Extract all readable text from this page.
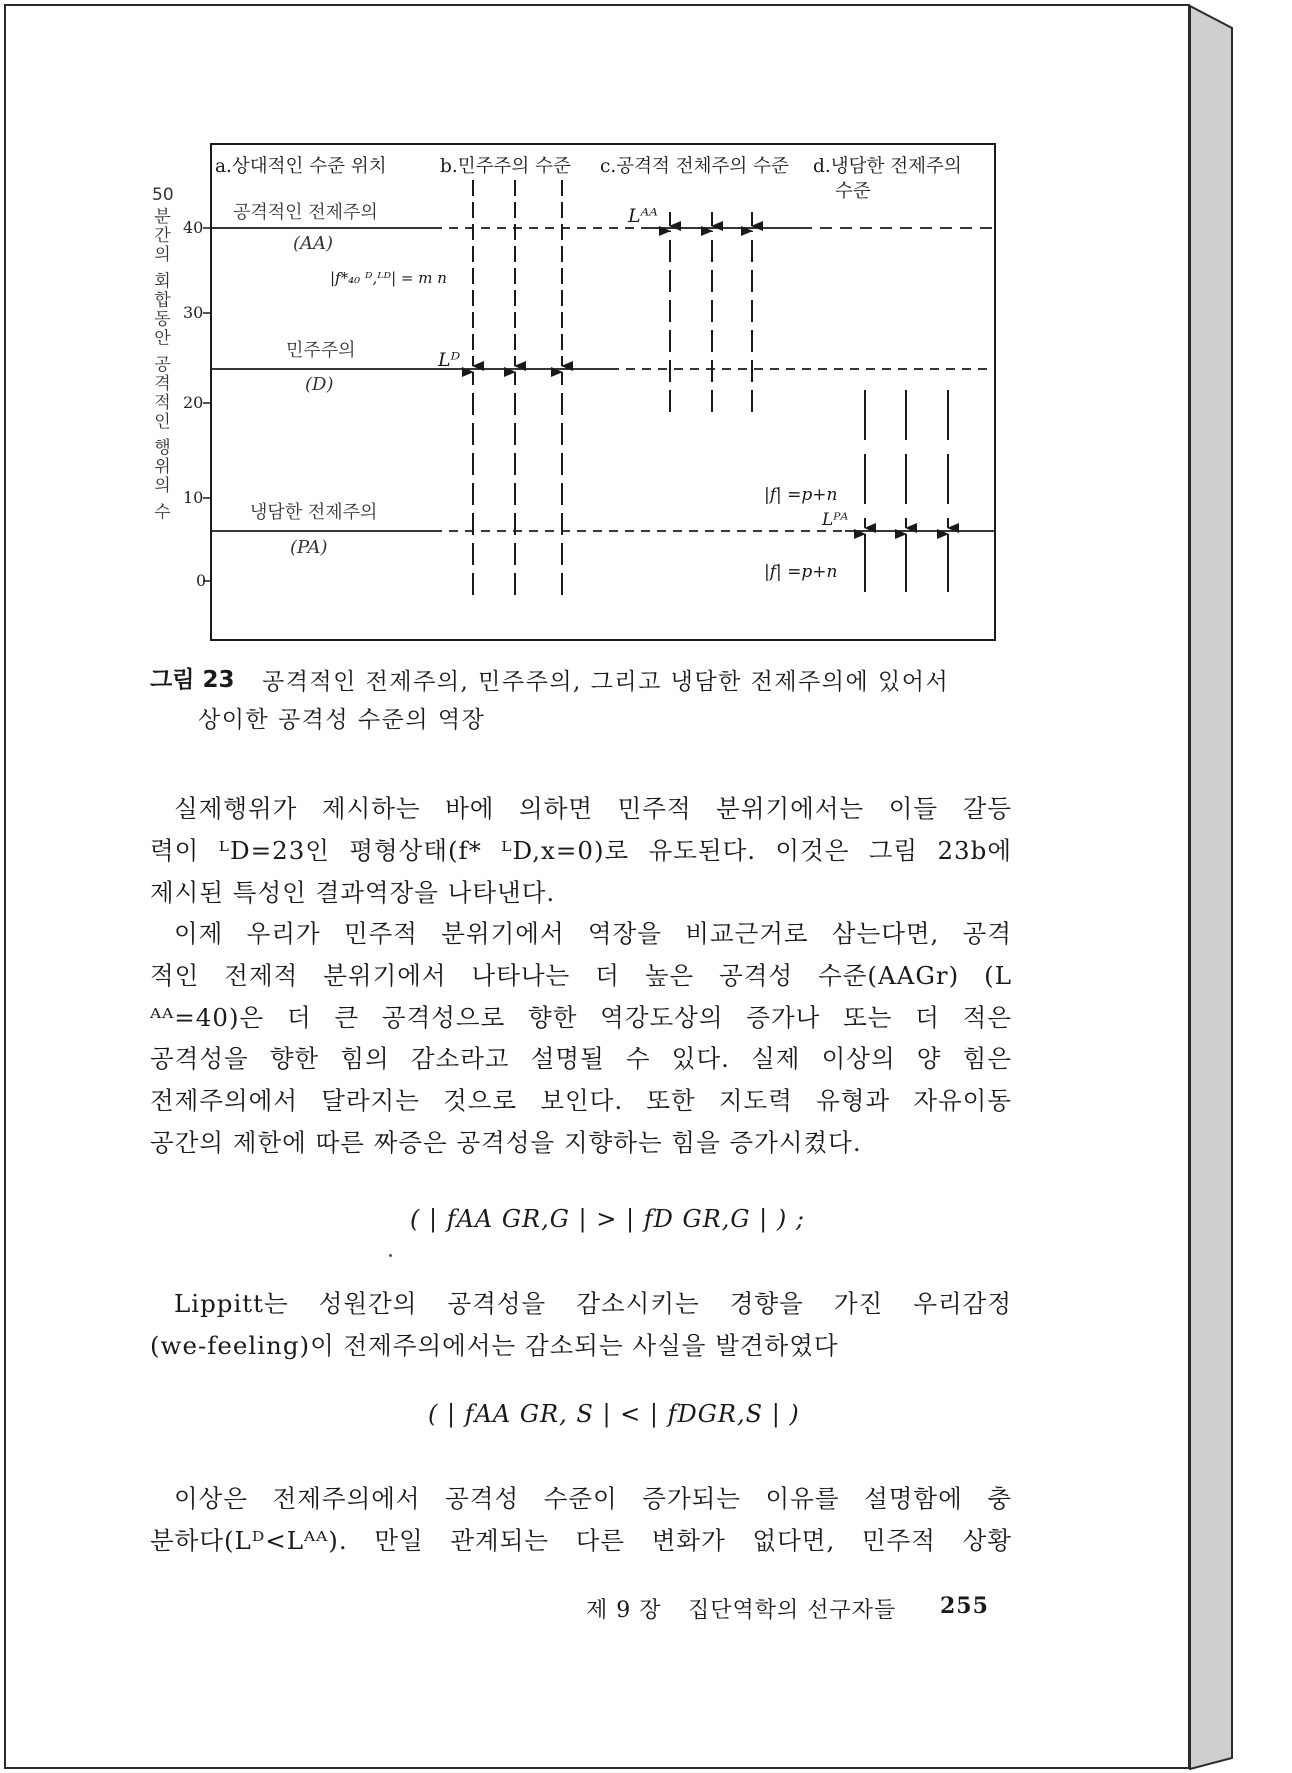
50
분간의 회합동안 공격적인 행위의 수 40
30
20
10
0
a.상대적인 수준 위치	b.민주주의 수준 c.공격적 전체주의 수준 d.냉담한 전제주의
수준
공격적인 전제주의
민주주의
냉담한 전제주의
(AA)
(D)
(PA)
|f*₄₀ ᴰ,ᴸᴰ| = m n
Lᴰ
Lᴬᴬ
Lᴾᴬ
|f| =p+n
|f| =p+n
그림 23 공격적인 전제주의, 민주주의, 그리고 냉담한 전제주의에 있어서
상이한 공격성 수준의 역장
실제행위가 제시하는 바에 의하면 민주적 분위기에서는 이들 갈등
력이 ᴸD=23인 평형상태(f* ᴸD,x=0)로 유도된다. 이것은 그림 23b에
제시된 특성인 결과역장을 나타낸다.
이제 우리가 민주적 분위기에서 역장을 비교근거로 삼는다면, 공격
적인 전제적 분위기에서 나타나는 더 높은 공격성 수준(AAGr) (L
ᴬᴬ=40)은 더 큰 공격성으로 향한 역강도상의 증가나 또는 더 적은
공격성을 향한 힘의 감소라고 설명될 수 있다. 실제 이상의 양 힘은
전제주의에서 달라지는 것으로 보인다. 또한 지도력 유형과 자유이동
공간의 제한에 따른 짜증은 공격성을 지향하는 힘을 증가시켰다.
( | fAA GR,G | > | fD GR,G | ) ;
Lippitt는 성원간의 공격성을 감소시키는 경향을 가진 우리감정
(we-feeling)이 전제주의에서는 감소되는 사실을 발견하였다
( | fAA GR, S | < | fDGR,S | )
이상은 전제주의에서 공격성 수준이 증가되는 이유를 설명함에 충
분하다(Lᴰ<Lᴬᴬ). 만일 관계되는 다른 변화가 없다면, 민주적 상황
제 9 장 집단역학의 선구자들 255
